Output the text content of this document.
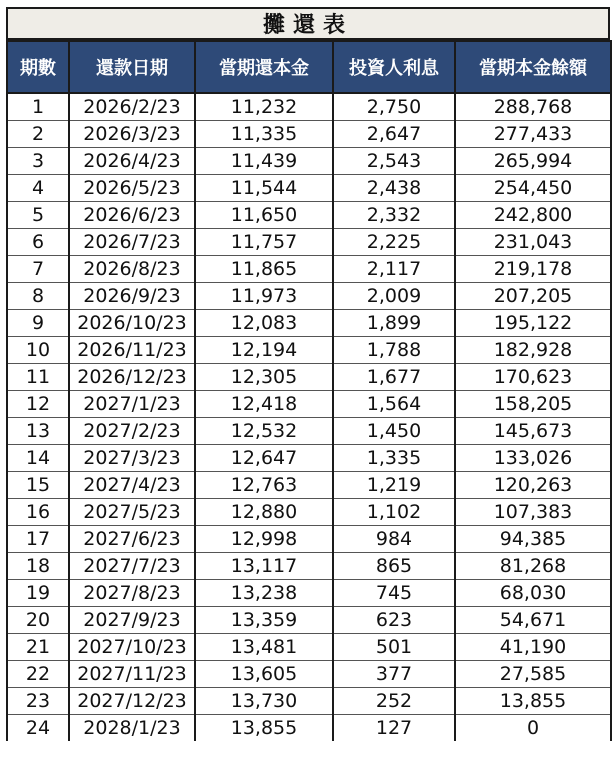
攤還表
期數	還款日期	當期還本金	投資人利息	當期本金餘額
1	2026/2/23	11,232	2,750	288,768
2	2026/3/23	11,335	2,647	277,433
3	2026/4/23	11,439	2,543	265,994
4	2026/5/23	11,544	2,438	254,450
5	2026/6/23	11,650	2,332	242,800
6	2026/7/23	11,757	2,225	231,043
7	2026/8/23	11,865	2,117	219,178
8	2026/9/23	11,973	2,009	207,205
9	2026/10/23	12,083	1,899	195,122
10	2026/11/23	12,194	1,788	182,928
11	2026/12/23	12,305	1,677	170,623
12	2027/1/23	12,418	1,564	158,205
13	2027/2/23	12,532	1,450	145,673
14	2027/3/23	12,647	1,335	133,026
15	2027/4/23	12,763	1,219	120,263
16	2027/5/23	12,880	1,102	107,383
17	2027/6/23	12,998	984	94,385
18	2027/7/23	13,117	865	81,268
19	2027/8/23	13,238	745	68,030
20	2027/9/23	13,359	623	54,671
21	2027/10/23	13,481	501	41,190
22	2027/11/23	13,605	377	27,585
23	2027/12/23	13,730	252	13,855
24	2028/1/23	13,855	127	0
